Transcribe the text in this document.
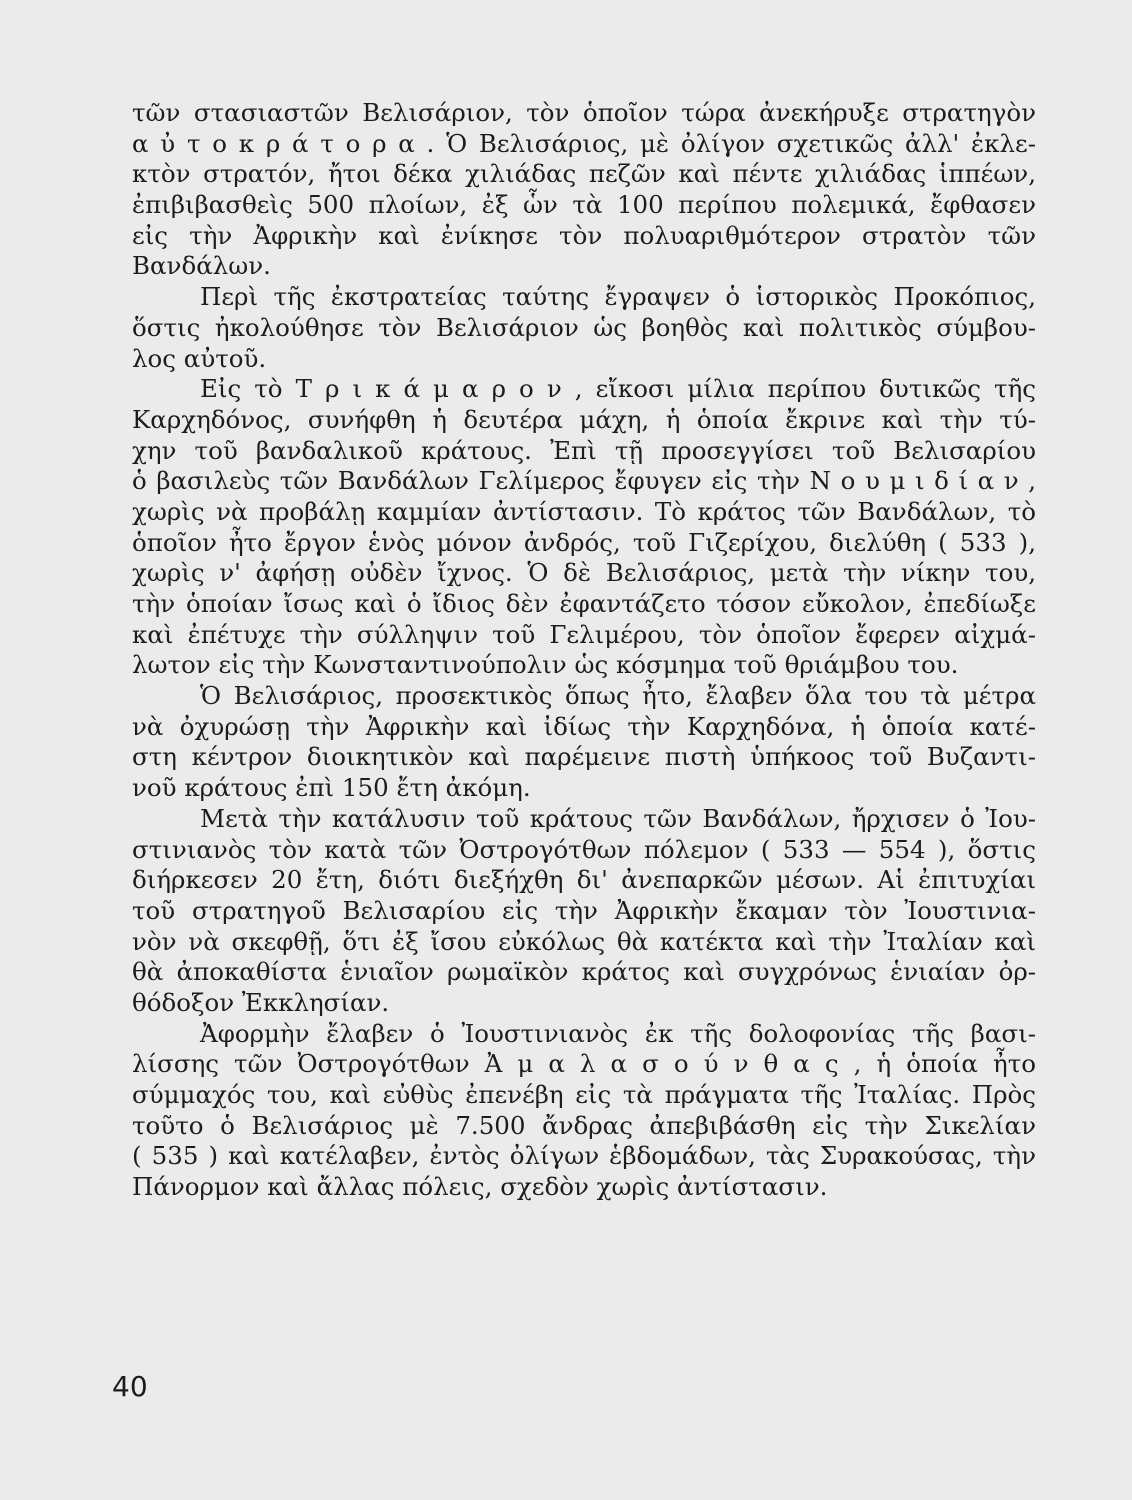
τῶν στασιαστῶν Βελισάριον, τὸν ὁποῖον τώρα ἀνεκήρυξε στρατηγὸν
α ὐ τ ο κ ρ ά τ ο ρ α . Ὁ Βελισάριος, μὲ ὀλίγον σχετικῶς ἀλλ' ἐκλε-
κτὸν στρατόν, ἤτοι δέκα χιλιάδας πεζῶν καὶ πέντε χιλιάδας ἱππέων,
ἐπιβιβασθεὶς 500 πλοίων, ἐξ ὧν τὰ 100 περίπου πολεμικά, ἔφθασεν
εἰς τὴν Ἀφρικὴν καὶ ἐνίκησε τὸν πολυαριθμότερον στρατὸν τῶν
Βανδάλων.
Περὶ τῆς ἐκστρατείας ταύτης ἔγραψεν ὁ ἱστορικὸς Προκόπιος,
ὅστις ἠκολούθησε τὸν Βελισάριον ὡς βοηθὸς καὶ πολιτικὸς σύμβου-
λος αὐτοῦ.
Εἰς τὸ Τ ρ ι κ ά μ α ρ ο ν , εἴκοσι μίλια περίπου δυτικῶς τῆς
Καρχηδόνος, συνήφθη ἡ δευτέρα μάχη, ἡ ὁποία ἔκρινε καὶ τὴν τύ-
χην τοῦ βανδαλικοῦ κράτους. Ἐπὶ τῇ προσεγγίσει τοῦ Βελισαρίου
ὁ βασιλεὺς τῶν Βανδάλων Γελίμερος ἔφυγεν εἰς τὴν Ν ο υ μ ι δ ί α ν ,
χωρὶς νὰ προβάλῃ καμμίαν ἀντίστασιν. Τὸ κράτος τῶν Βανδάλων, τὸ
ὁποῖον ἦτο ἔργον ἑνὸς μόνον ἀνδρός, τοῦ Γιζερίχου, διελύθη ( 533 ),
χωρὶς ν' ἀφήσῃ οὐδὲν ἴχνος. Ὁ δὲ Βελισάριος, μετὰ τὴν νίκην του,
τὴν ὁποίαν ἴσως καὶ ὁ ἴδιος δὲν ἐφαντάζετο τόσον εὔκολον, ἐπεδίωξε
καὶ ἐπέτυχε τὴν σύλληψιν τοῦ Γελιμέρου, τὸν ὁποῖον ἔφερεν αἰχμά-
λωτον εἰς τὴν Κωνσταντινούπολιν ὡς κόσμημα τοῦ θριάμβου του.
Ὁ Βελισάριος, προσεκτικὸς ὅπως ἦτο, ἔλαβεν ὅλα του τὰ μέτρα
νὰ ὀχυρώσῃ τὴν Ἀφρικὴν καὶ ἰδίως τὴν Καρχηδόνα, ἡ ὁποία κατέ-
στη κέντρον διοικητικὸν καὶ παρέμεινε πιστὴ ὑπήκοος τοῦ Βυζαντι-
νοῦ κράτους ἐπὶ 150 ἔτη ἀκόμη.
Μετὰ τὴν κατάλυσιν τοῦ κράτους τῶν Βανδάλων, ἤρχισεν ὁ Ἰου-
στινιανὸς τὸν κατὰ τῶν Ὀστρογότθων πόλεμον ( 533 — 554 ), ὅστις
διήρκεσεν 20 ἔτη, διότι διεξήχθη δι' ἀνεπαρκῶν μέσων. Αἱ ἐπιτυχίαι
τοῦ στρατηγοῦ Βελισαρίου εἰς τὴν Ἀφρικὴν ἔκαμαν τὸν Ἰουστινια-
νὸν νὰ σκεφθῇ, ὅτι ἐξ ἴσου εὐκόλως θὰ κατέκτα καὶ τὴν Ἰταλίαν καὶ
θὰ ἀποκαθίστα ἑνιαῖον ρωμαϊκὸν κράτος καὶ συγχρόνως ἑνιαίαν ὀρ-
θόδοξον Ἐκκλησίαν.
Ἀφορμὴν ἔλαβεν ὁ Ἰουστινιανὸς ἐκ τῆς δολοφονίας τῆς βασι-
λίσσης τῶν Ὀστρογότθων Ἀ μ α λ α σ ο ύ ν θ α ς , ἡ ὁποία ἦτο
σύμμαχός του, καὶ εὐθὺς ἐπενέβη εἰς τὰ πράγματα τῆς Ἰταλίας. Πρὸς
τοῦτο ὁ Βελισάριος μὲ 7.500 ἄνδρας ἀπεβιβάσθη εἰς τὴν Σικελίαν
( 535 ) καὶ κατέλαβεν, ἐντὸς ὀλίγων ἑβδομάδων, τὰς Συρακούσας, τὴν
Πάνορμον καὶ ἄλλας πόλεις, σχεδὸν χωρὶς ἀντίστασιν.
40
